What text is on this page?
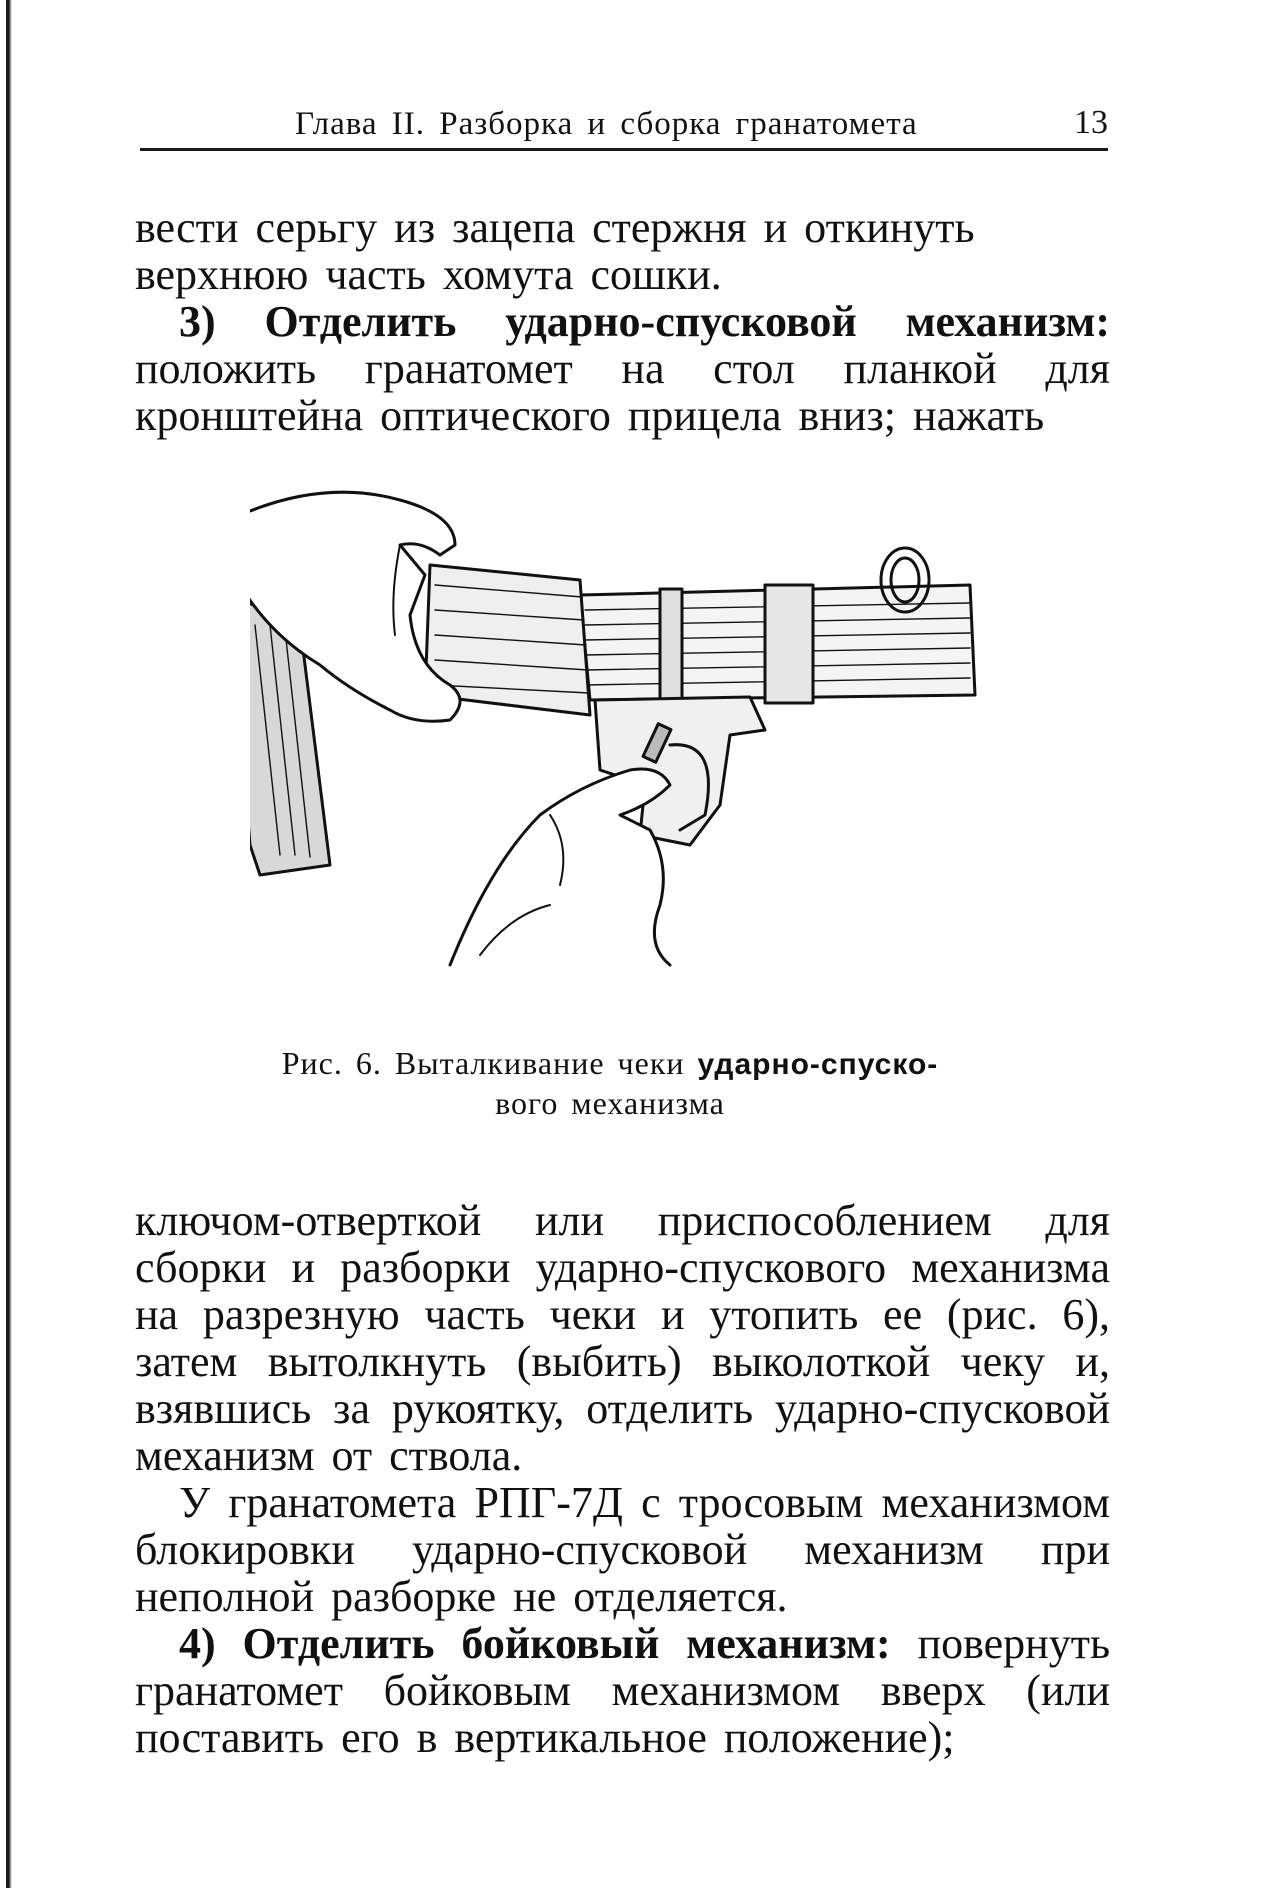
Глава II. Разборка и сборка гранатомета	13

вести серьгу из зацепа стержня и откинуть
верхнюю часть хомута сошки.

3) Отделить ударно-спусковой механизм: положить гранатомет на стол планкой для кронштейна оптического прицела вниз; нажать

Рис. 6. Выталкивание чеки ударно-спуско-
вого механизма

ключом-отверткой или приспособлением для сборки и разборки ударно-спускового механизма на разрезную часть чеки и утопить ее (рис. 6), затем вытолкнуть (выбить) выколоткой чеку и, взявшись за рукоятку, отделить ударно-спусковой механизм от ствола.

У гранатомета РПГ-7Д с тросовым механизмом блокировки ударно-спусковой механизм при неполной разборке не отделяется.

4) Отделить бойковый механизм: повернуть гранатомет бойковым механизмом вверх (или поставить его в вертикальное положение);
